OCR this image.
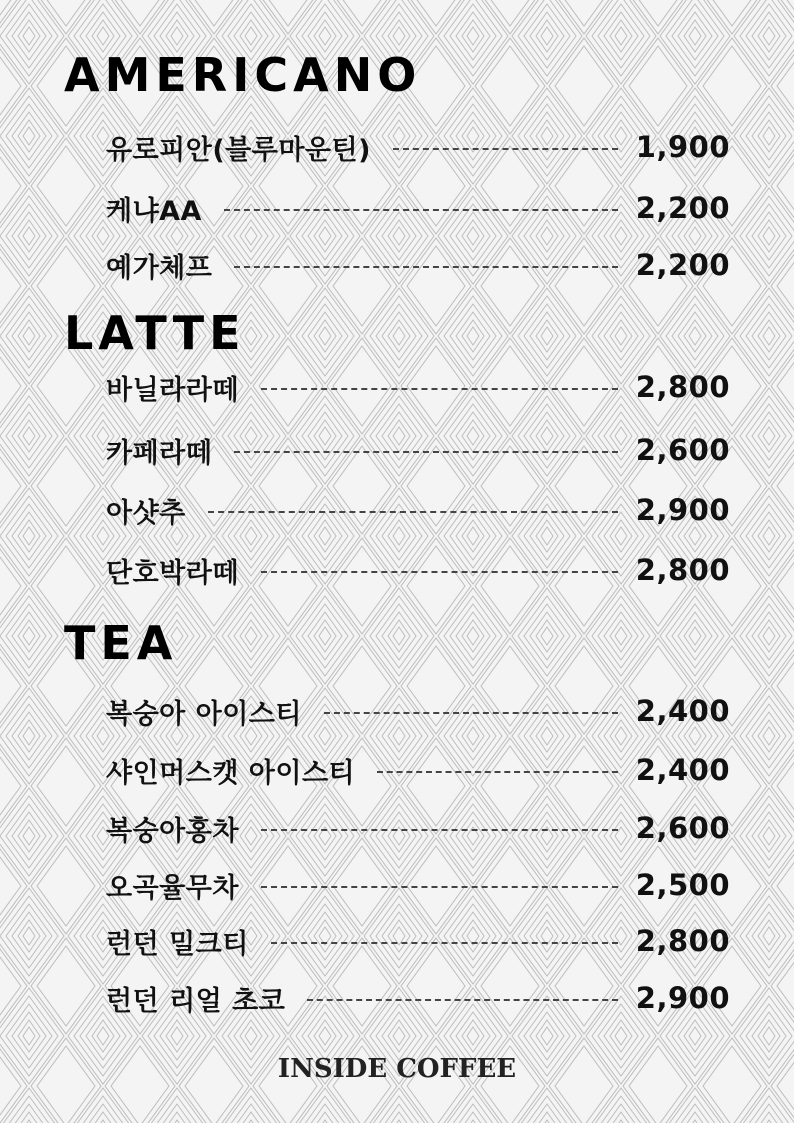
AMERICANO
유로피안(블루마운틴)	1,900
케냐AA	2,200
예가체프	2,200
LATTE
바닐라라떼	2,800
카페라떼	2,600
아샷추	2,900
단호박라떼	2,800
TEA
복숭아 아이스티	2,400
샤인머스캣 아이스티	2,400
복숭아홍차	2,600
오곡율무차	2,500
런던 밀크티	2,800
런던 리얼 초코	2,900
INSIDE COFFEE
